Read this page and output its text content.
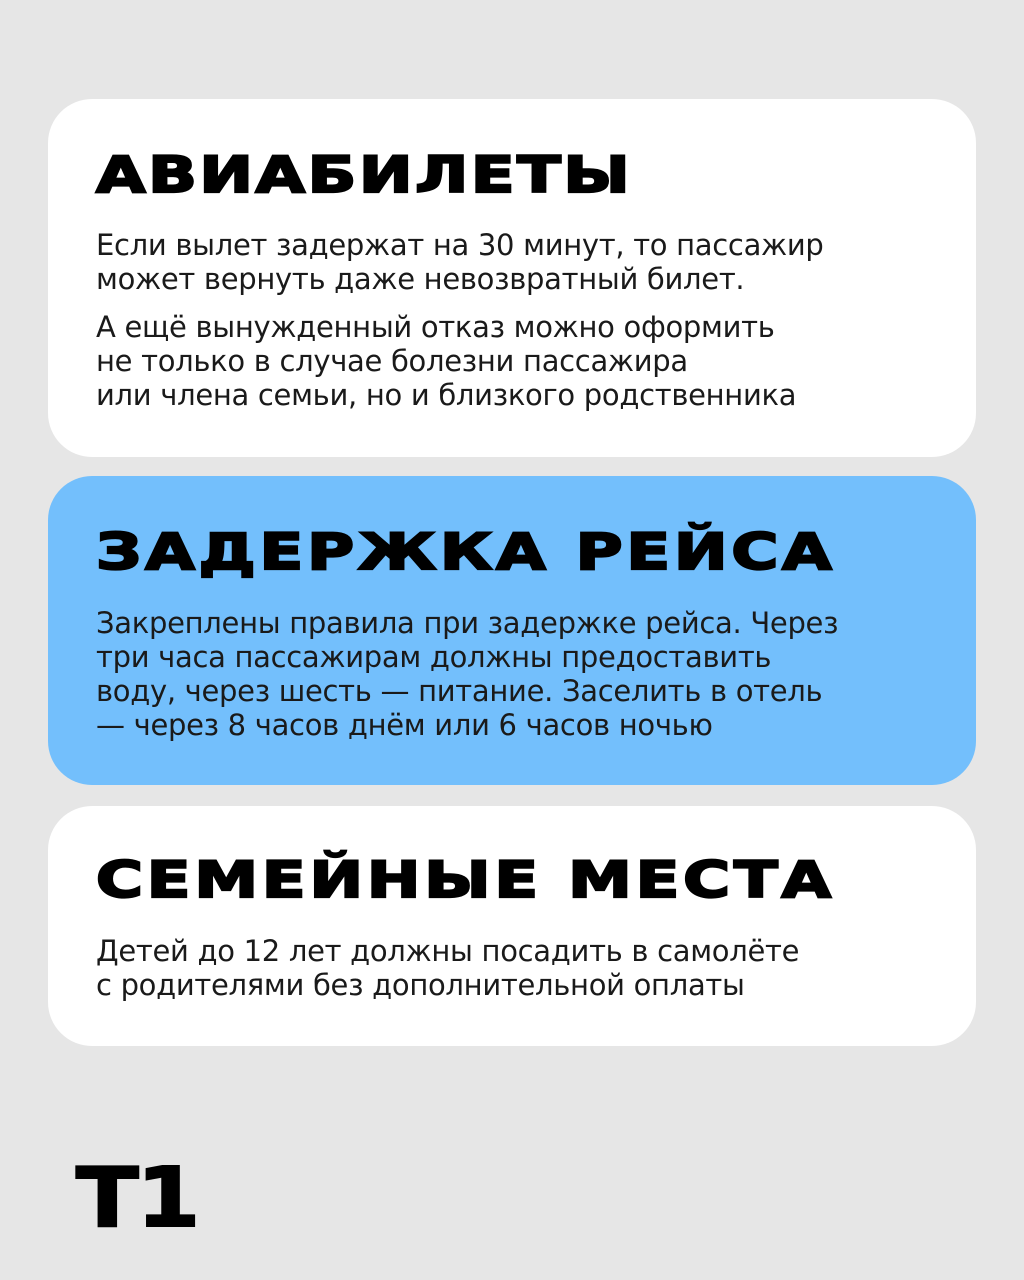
АВИАБИЛЕТЫ

Если вылет задержат на 30 минут, то пассажир
может вернуть даже невозвратный билет.

А ещё вынужденный отказ можно оформить
не только в случае болезни пассажира
или члена семьи, но и близкого родственника

ЗАДЕРЖКА РЕЙСА

Закреплены правила при задержке рейса. Через
три часа пассажирам должны предоставить
воду, через шесть — питание. Заселить в отель
— через 8 часов днём или 6 часов ночью

СЕМЕЙНЫЕ МЕСТА

Детей до 12 лет должны посадить в самолёте
с родителями без дополнительной оплаты

T1
